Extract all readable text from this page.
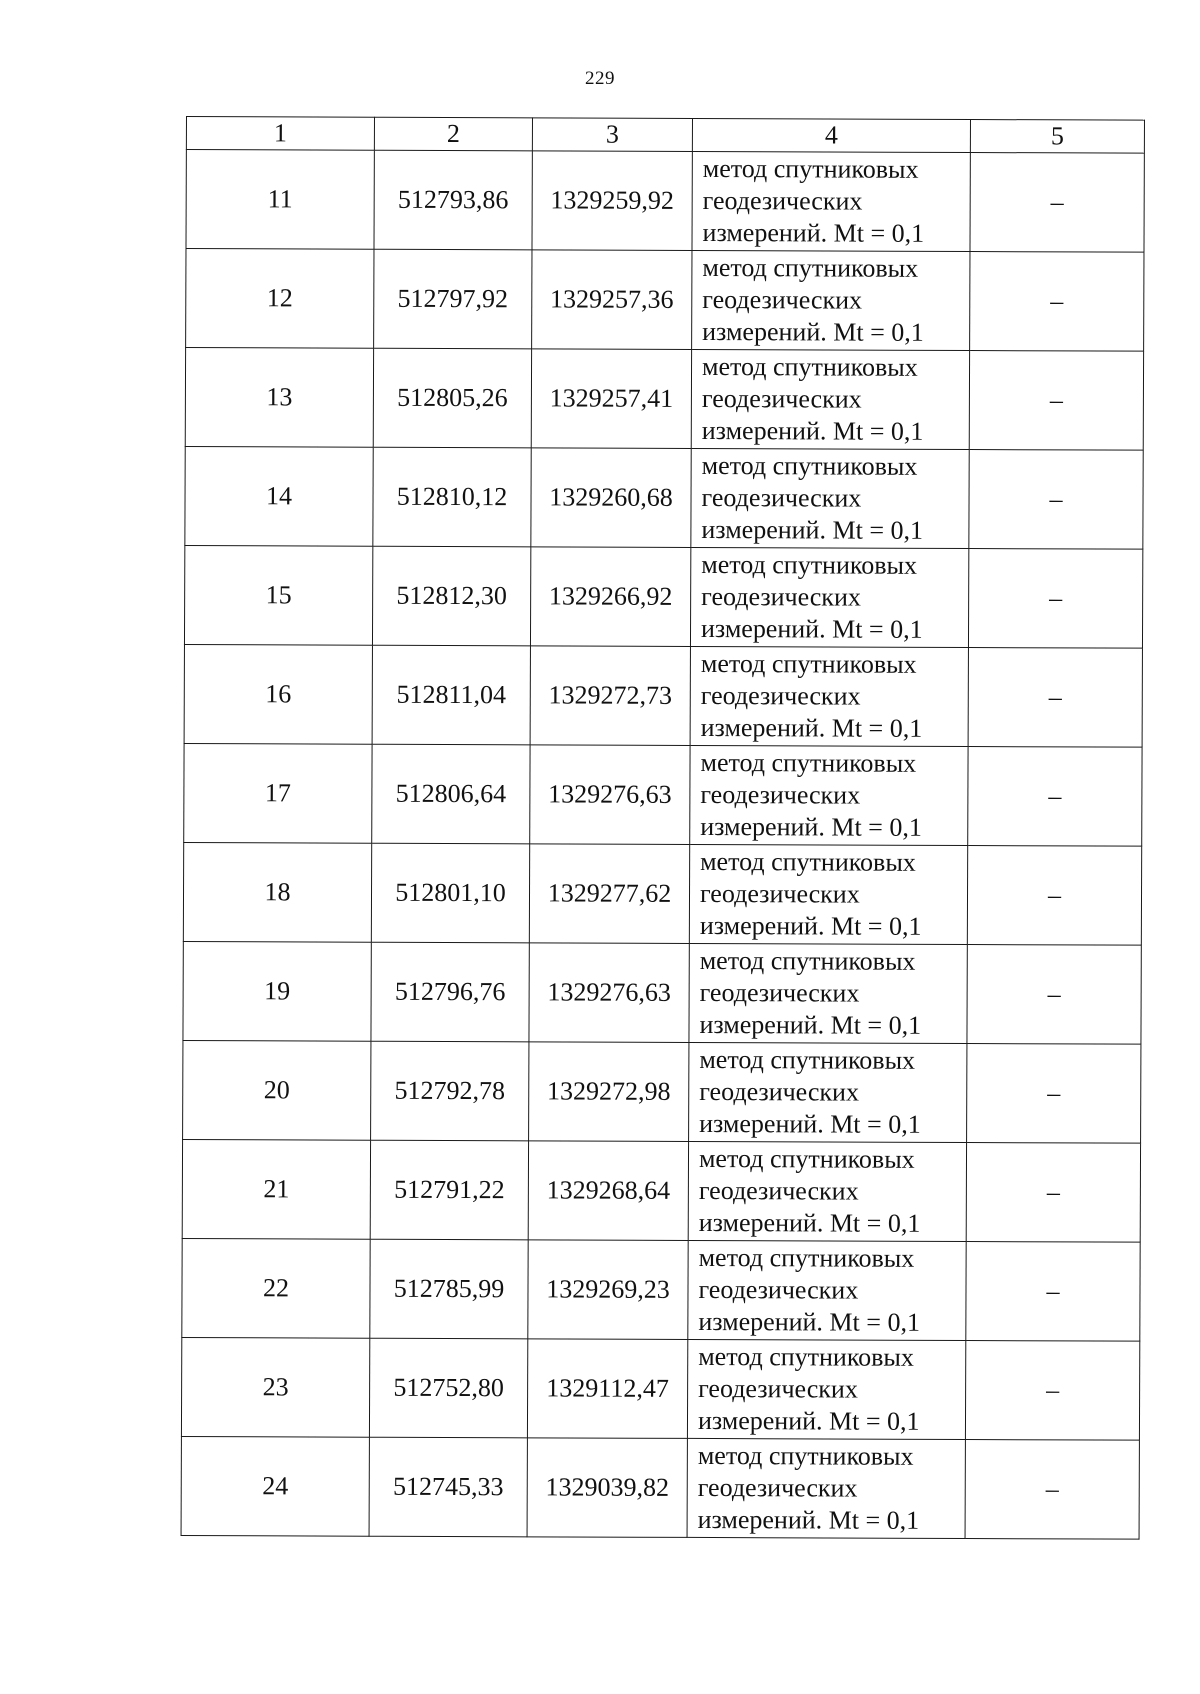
229
1	2	3	4	5
11	512793,86	1329259,92	метод спутниковых
геодезических
измерений. Mt = 0,1	–
12	512797,92	1329257,36	метод спутниковых
геодезических
измерений. Mt = 0,1	–
13	512805,26	1329257,41	метод спутниковых
геодезических
измерений. Mt = 0,1	–
14	512810,12	1329260,68	метод спутниковых
геодезических
измерений. Mt = 0,1	–
15	512812,30	1329266,92	метод спутниковых
геодезических
измерений. Mt = 0,1	–
16	512811,04	1329272,73	метод спутниковых
геодезических
измерений. Mt = 0,1	–
17	512806,64	1329276,63	метод спутниковых
геодезических
измерений. Mt = 0,1	–
18	512801,10	1329277,62	метод спутниковых
геодезических
измерений. Mt = 0,1	–
19	512796,76	1329276,63	метод спутниковых
геодезических
измерений. Mt = 0,1	–
20	512792,78	1329272,98	метод спутниковых
геодезических
измерений. Mt = 0,1	–
21	512791,22	1329268,64	метод спутниковых
геодезических
измерений. Mt = 0,1	–
22	512785,99	1329269,23	метод спутниковых
геодезических
измерений. Mt = 0,1	–
23	512752,80	1329112,47	метод спутниковых
геодезических
измерений. Mt = 0,1	–
24	512745,33	1329039,82	метод спутниковых
геодезических
измерений. Mt = 0,1	–
